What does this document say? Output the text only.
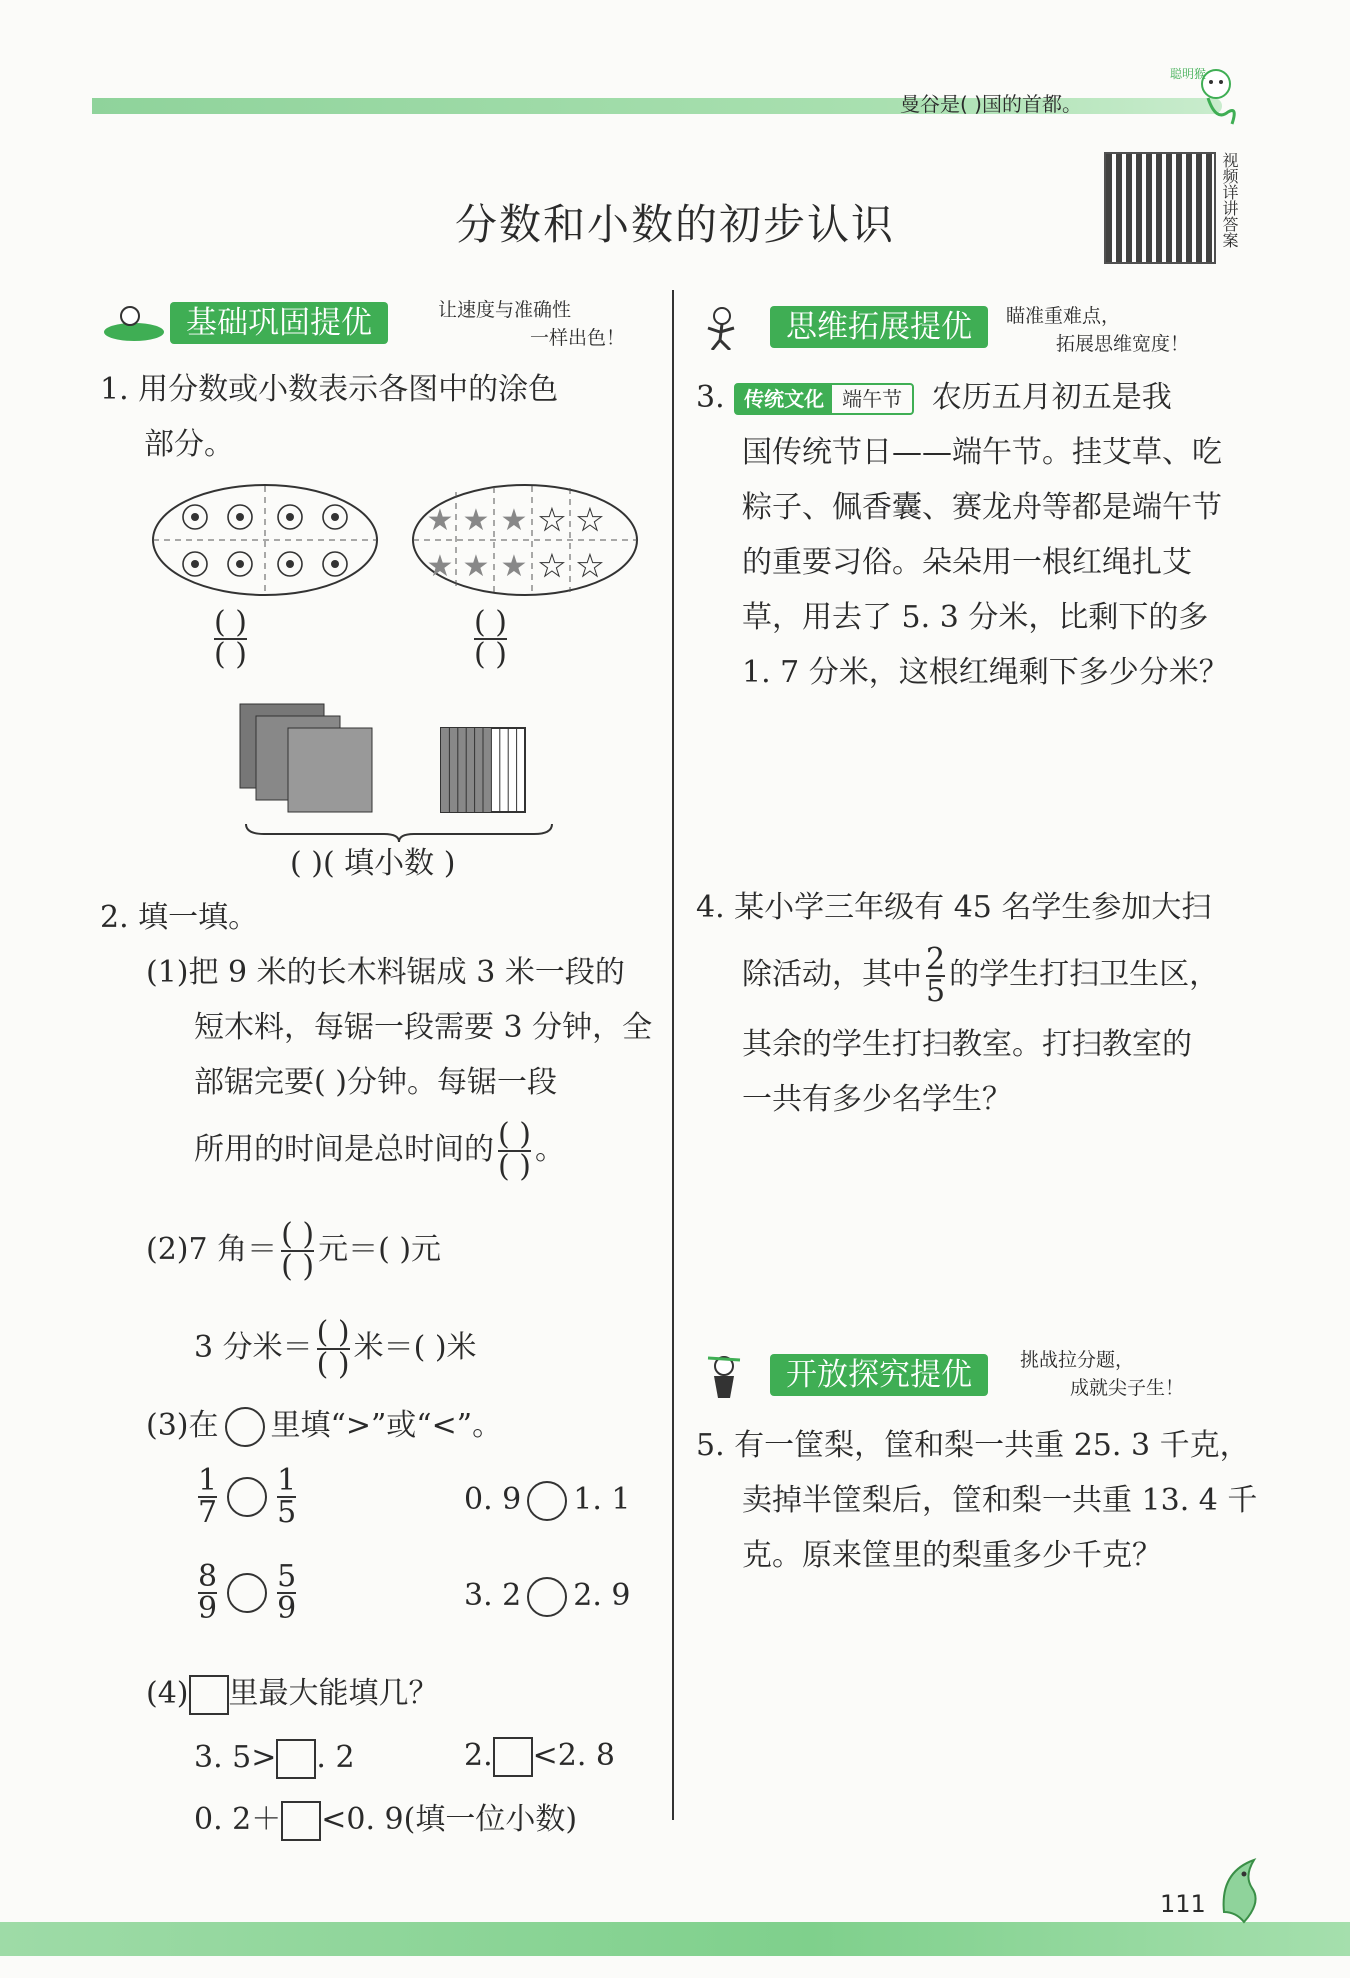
曼谷是( )国的首都。
聪明猴
分数和小数的初步认识	视频详讲答案
基础巩固提优	让速度与准确性
一样出色！
1. 用分数或小数表示各图中的涂色
部分。
★ ★ ★ ★ ★
★ ★ ★ ★ ★
$\frac{( )}{( )}$	$\frac{( )}{( )}$
( )( 填小数 )
2. 填一填。
(1)把 9 米的长木料锯成 3 米一段的
短木料，每锯一段需要 3 分钟，全
部锯完要( )分钟。每锯一段
所用的时间是总时间的 $\frac{( )}{( )}$ 。
(2)7 角＝ $\frac{( )}{( )}$ 元＝( )元
3 分米＝ $\frac{( )}{( )}$ 米＝( )米
(3)在 里填“>”或“<”。
$\frac{1}{7} \frac{1}{5}$	0. 9 1. 1
$\frac{8}{9} \frac{5}{9}$	3. 2 2. 9
(4) 里最大能填几？
3. 5> . 2	2. <2. 8
0. 2＋ <0. 9(填一位小数)
思维拓展提优	瞄准重难点，
拓展思维宽度！
3. 传统文化 端午节 农历五月初五是我
国传统节日——端午节。挂艾草、吃
粽子、佩香囊、赛龙舟等都是端午节
的重要习俗。朵朵用一根红绳扎艾
草，用去了 5. 3 分米，比剩下的多
1. 7 分米，这根红绳剩下多少分米？
4. 某小学三年级有 45 名学生参加大扫
除活动，其中 $\frac{2}{5}$ 的学生打扫卫生区，
其余的学生打扫教室。打扫教室的
一共有多少名学生？
开放探究提优	挑战拉分题，
成就尖子生！
5. 有一筐梨，筐和梨一共重 25. 3 千克，
卖掉半筐梨后，筐和梨一共重 13. 4 千
克。原来筐里的梨重多少千克？
111
